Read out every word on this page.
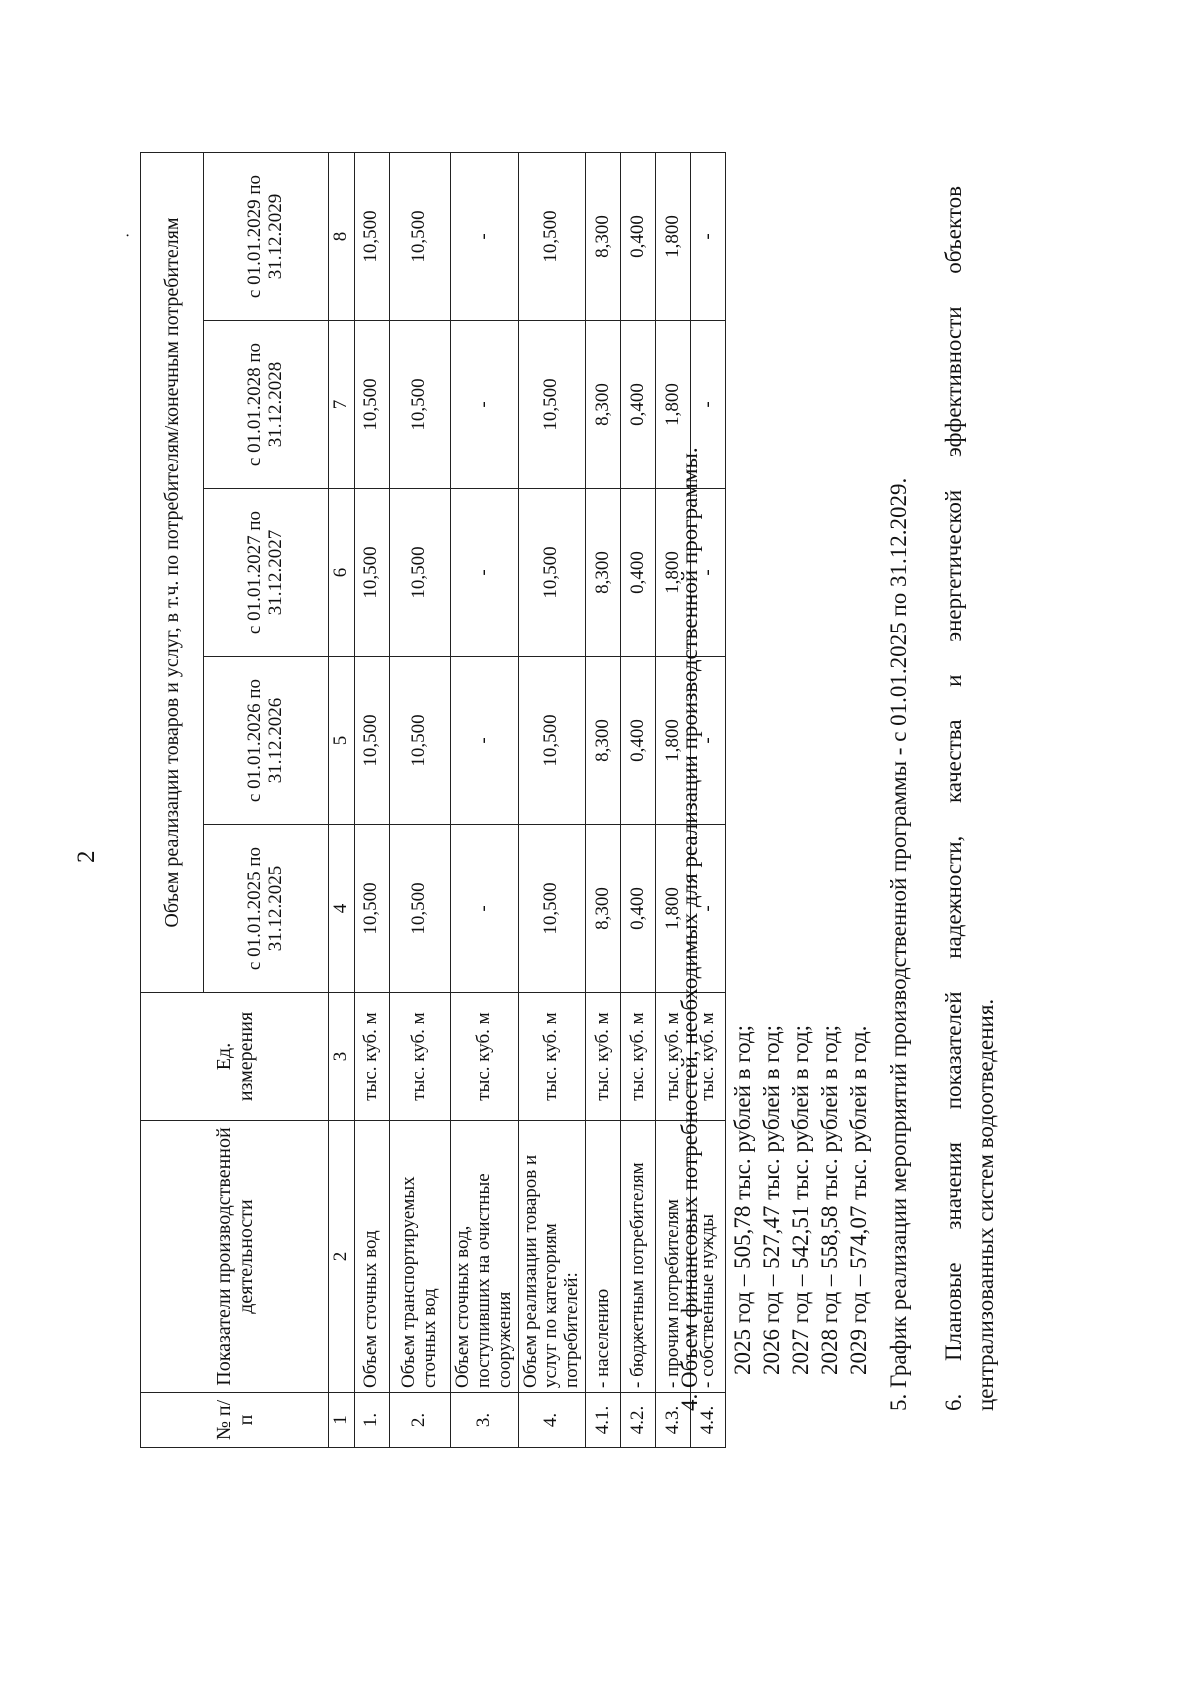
2
·
№ п/п	Показатели производственной деятельности	Ед. измерения	Объем реализации товаров и услуг, в т.ч. по потребителям/конечным потребителям				
			с 01.01.2025 по 31.12.2025	с 01.01.2026 по 31.12.2026	с 01.01.2027 по 31.12.2027	с 01.01.2028 по 31.12.2028	с 01.01.2029 по 31.12.2029
1	2	3	4	5	6	7	8
1.	Объем сточных вод	тыс. куб. м	10,500	10,500	10,500	10,500	10,500
2.	Объем транспортируемых сточных вод	тыс. куб. м	10,500	10,500	10,500	10,500	10,500
3.	Объем сточных вод, поступивших на очистные сооружения	тыс. куб. м	-	-	-	-	-
4.	Объем реализации товаров и услуг по категориям потребителей:	тыс. куб. м	10,500	10,500	10,500	10,500	10,500
4.1.	- населению	тыс. куб. м	8,300	8,300	8,300	8,300	8,300
4.2.	- бюджетным потребителям	тыс. куб. м	0,400	0,400	0,400	0,400	0,400
4.3.	- прочим потребителям	тыс. куб. м	1,800	1,800	1,800	1,800	1,800
4.4.	- собственные нужды	тыс. куб. м	-	-	-	-	-
4. Объем финансовых потребностей, необходимых для реализации производственной программы. 2025 год – 505,78 тыс. рублей в год; 2026 год – 527,47 тыс. рублей в год; 2027 год – 542,51 тыс. рублей в год; 2028 год – 558,58 тыс. рублей в год; 2029 год – 574,07 тыс. рублей в год. 5. График реализации мероприятий производственной программы - с 01.01.2025 по 31.12.2029. 6. Плановые значения показателей надежности, качества и энергетической эффективности объектов централизованных систем водоотведения.
